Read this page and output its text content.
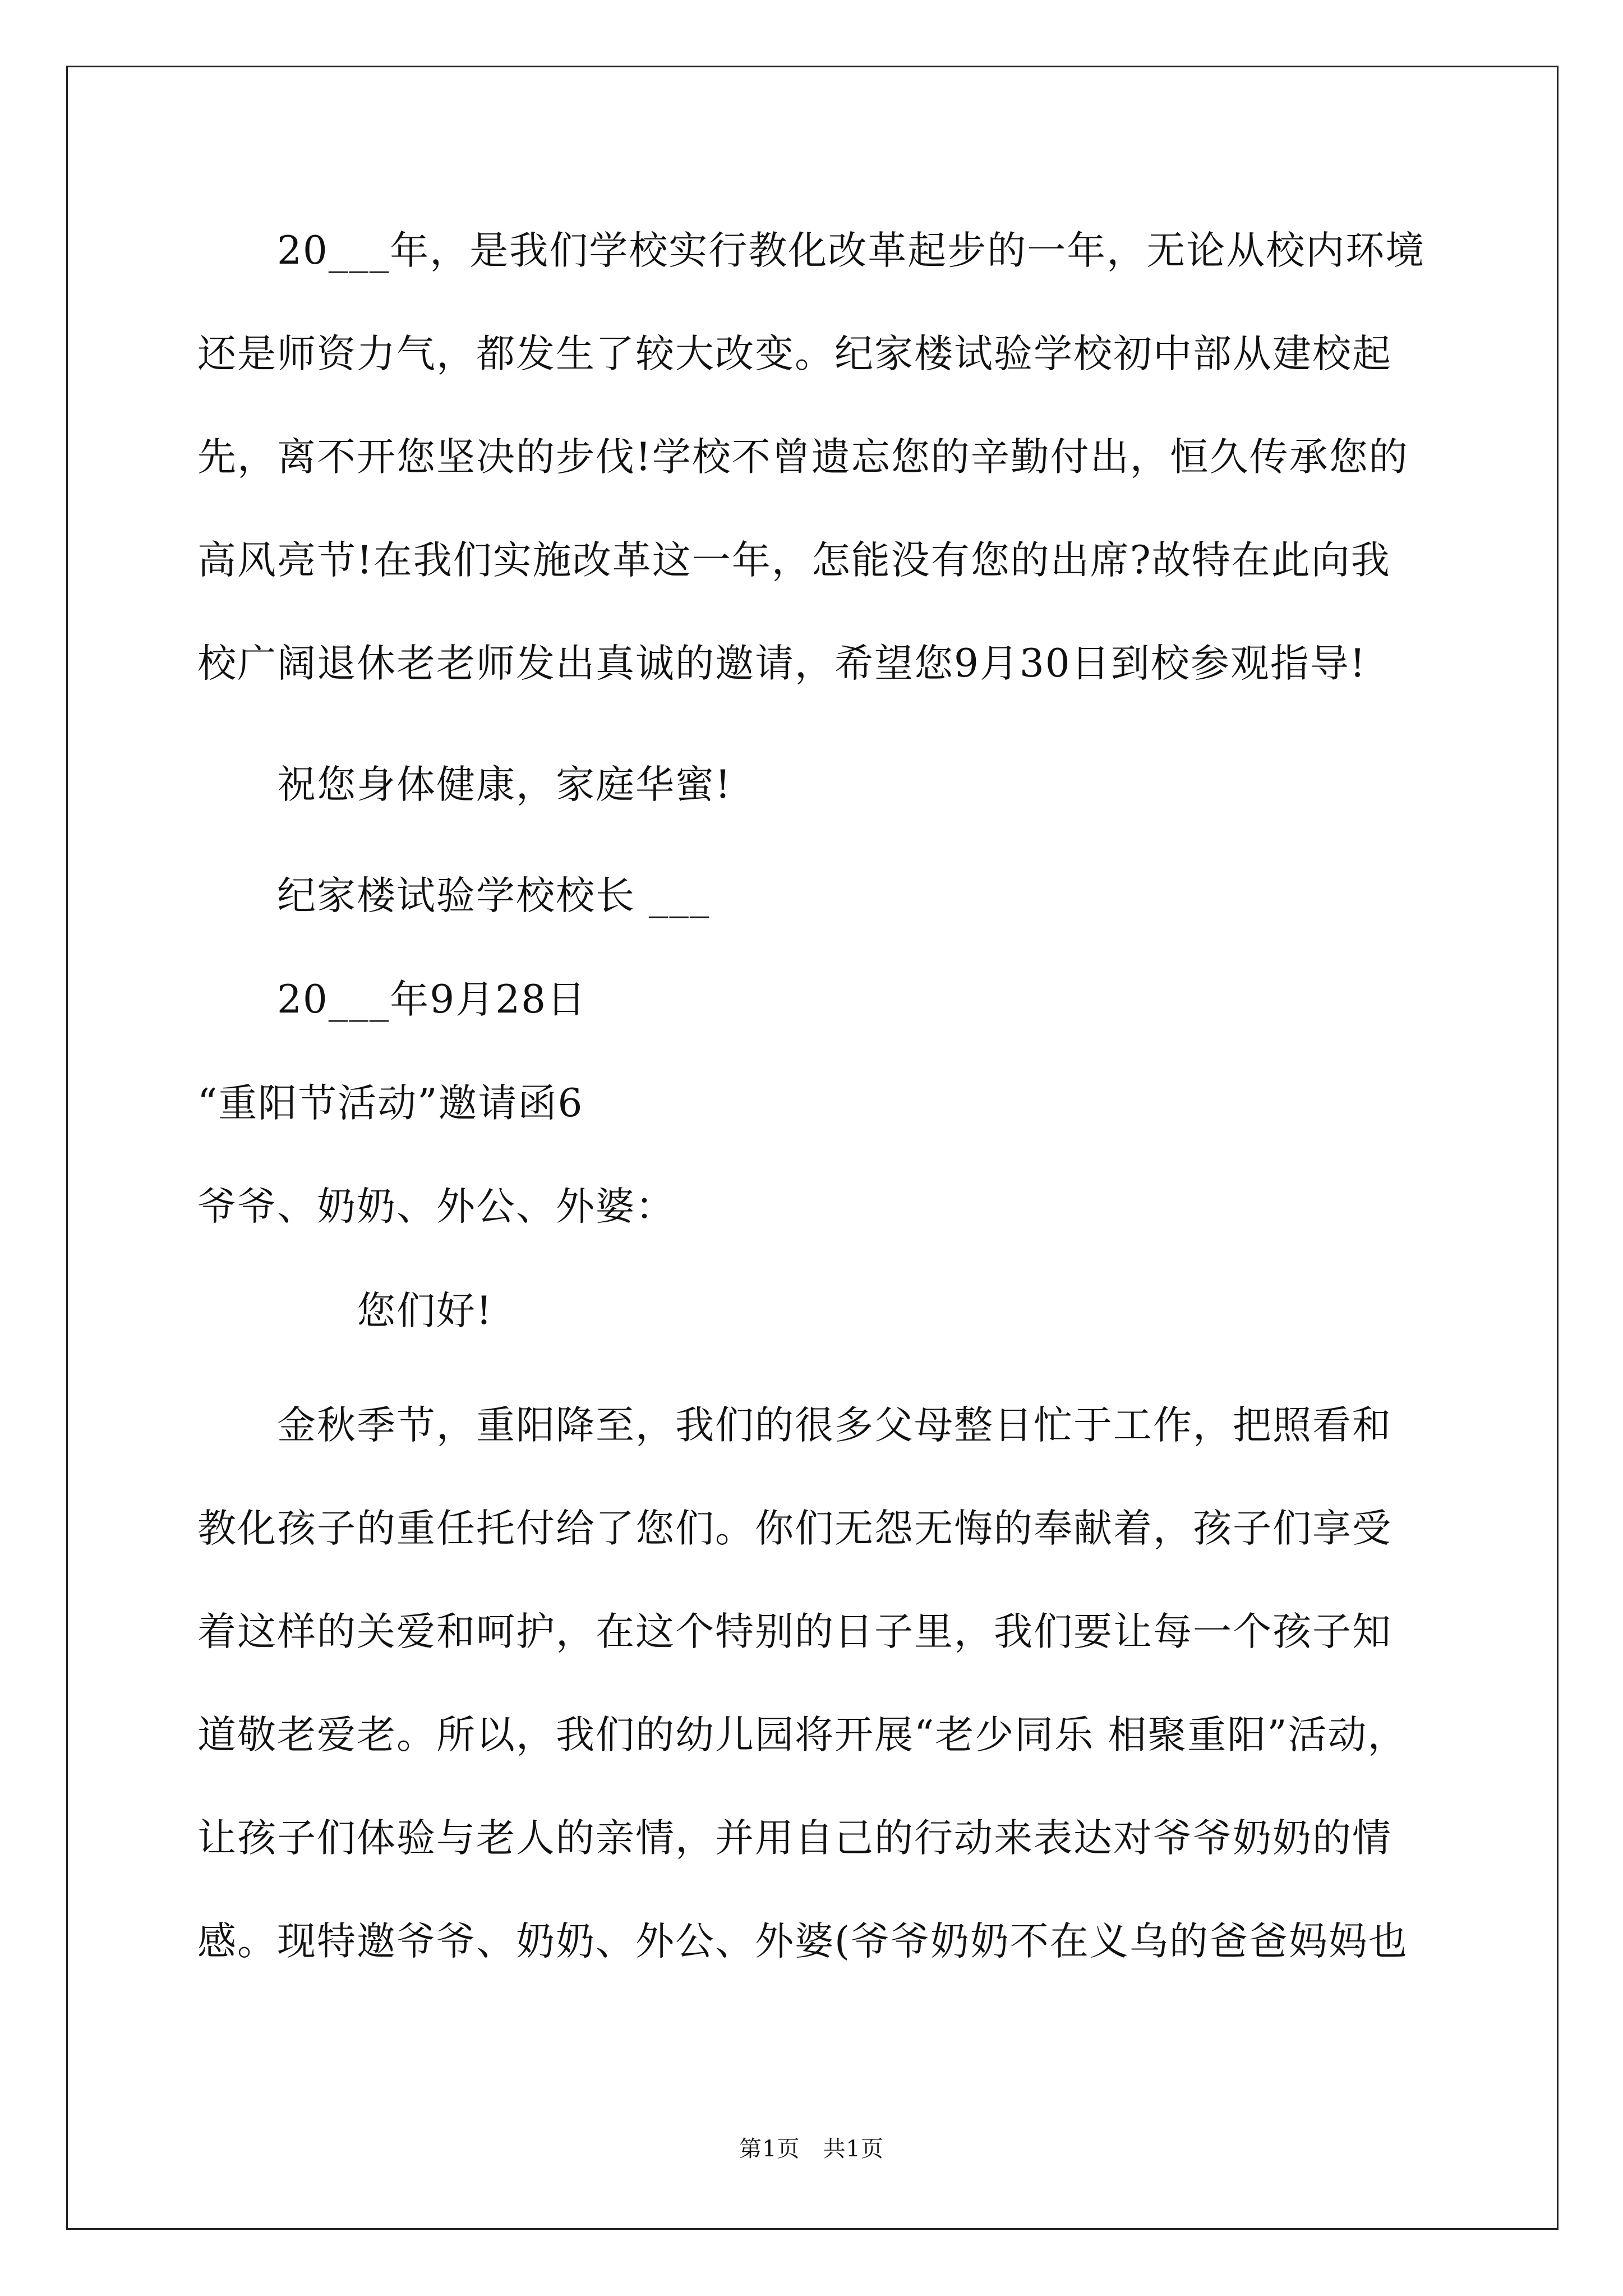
　　20___年，是我们学校实行教化改革起步的一年，无论从校内环境
还是师资力气，都发生了较大改变。纪家楼试验学校初中部从建校起
先，离不开您坚决的步伐!学校不曾遗忘您的辛勤付出，恒久传承您的
高风亮节!在我们实施改革这一年，怎能没有您的出席?故特在此向我
校广阔退休老老师发出真诚的邀请，希望您9月30日到校参观指导!
　　祝您身体健康，家庭华蜜!
　　纪家楼试验学校校长 ___
　　20___年9月28日
“重阳节活动”邀请函6
爷爷、奶奶、外公、外婆：
　　　　您们好!
　　金秋季节，重阳降至，我们的很多父母整日忙于工作，把照看和
教化孩子的重任托付给了您们。你们无怨无悔的奉献着，孩子们享受
着这样的关爱和呵护，在这个特别的日子里，我们要让每一个孩子知
道敬老爱老。所以，我们的幼儿园将开展“老少同乐 相聚重阳”活动，
让孩子们体验与老人的亲情，并用自己的行动来表达对爷爷奶奶的情
感。现特邀爷爷、奶奶、外公、外婆(爷爷奶奶不在义乌的爸爸妈妈也
第1页　共1页
